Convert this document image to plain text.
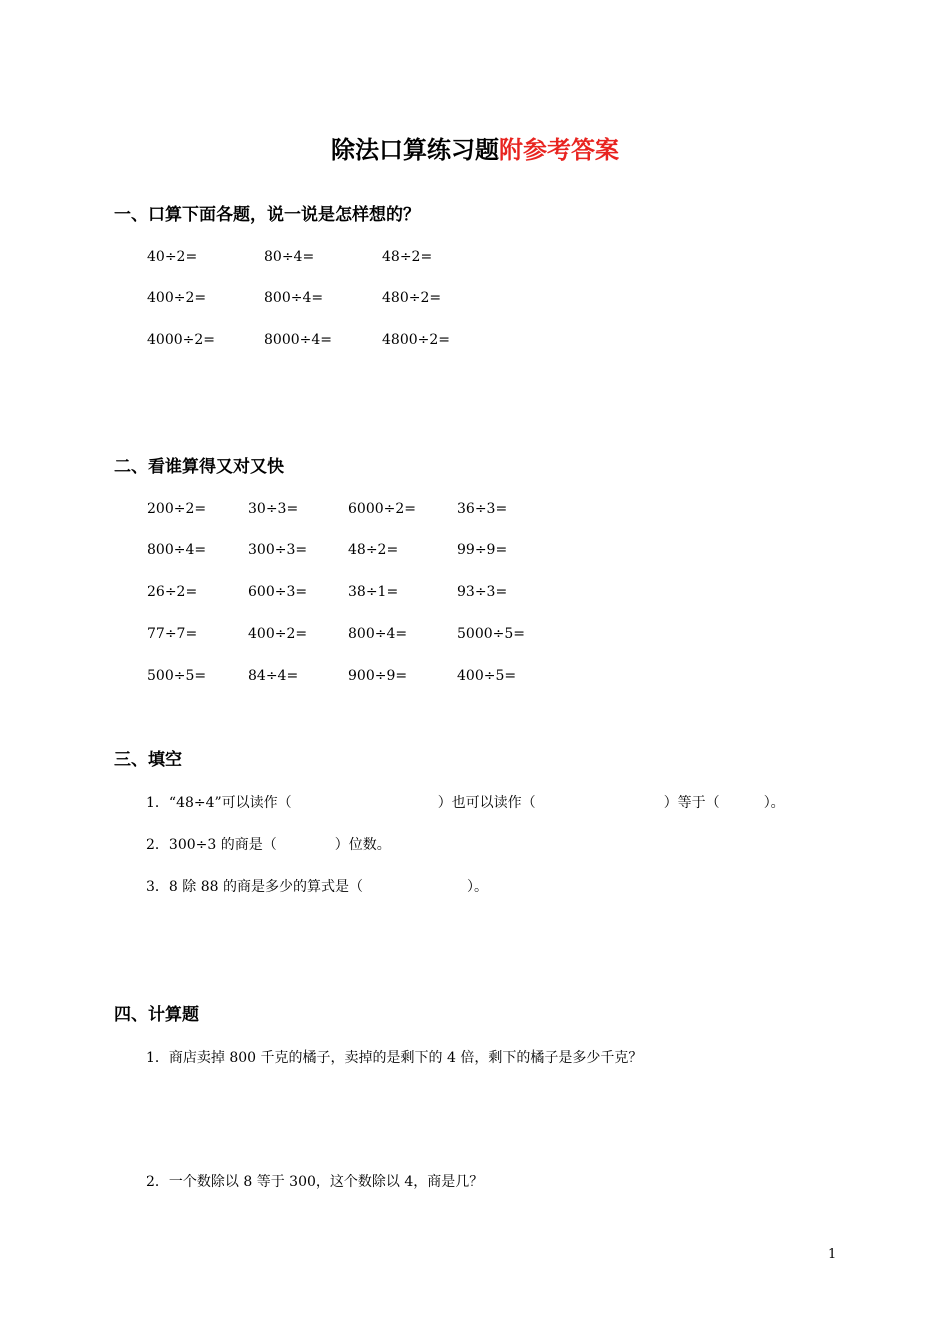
除法口算练习题附参考答案
一、口算下面各题，说一说是怎样想的？
40÷2=	80÷4=	48÷2=
400÷2=	800÷4=	480÷2=
4000÷2=	8000÷4=	4800÷2=
二、看谁算得又对又快
200÷2=	30÷3=	6000÷2=	36÷3=
800÷4=	300÷3=	48÷2=	99÷9=
26÷2=	600÷3=	38÷1=	93÷3=
77÷7=	400÷2=	800÷4=	5000÷5=
500÷5=	84÷4=	900÷9=	400÷5=
三、填空
1．“48÷4”可以读作（	）也可以读作（	）等于（	）。
2．300÷3 的商是（	）位数。
3．8 除 88 的商是多少的算式是（	）。
四、计算题
1．商店卖掉 800 千克的橘子，卖掉的是剩下的 4 倍，剩下的橘子是多少千克？
2．一个数除以 8 等于 300，这个数除以 4，商是几？
1
